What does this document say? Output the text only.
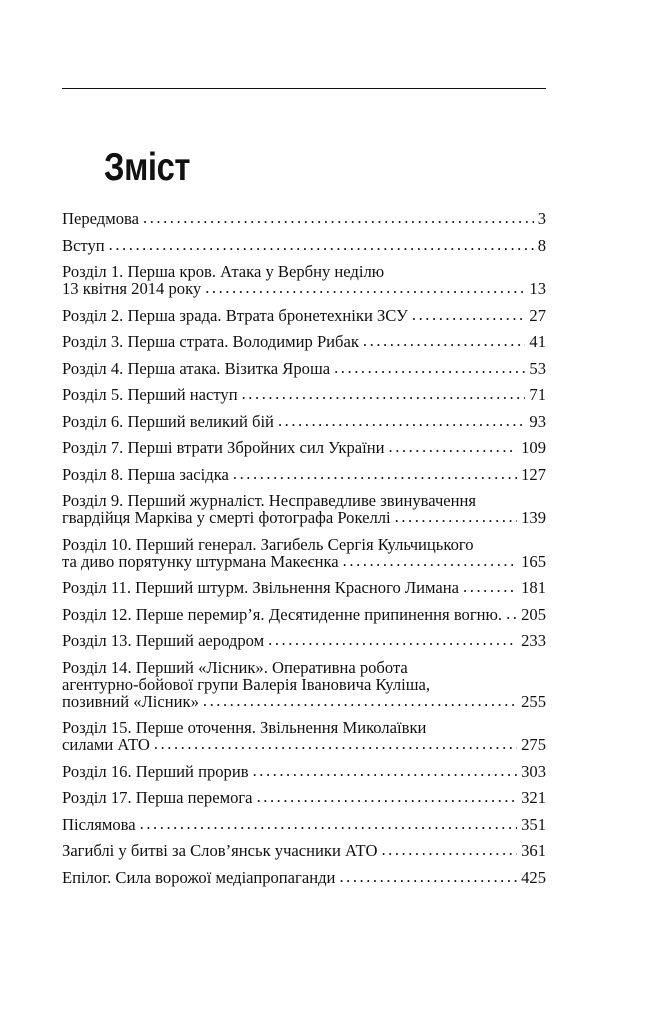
Зміст
Передмова . . .	3
Вступ . . .	8
Розділ 1. Перша кров. Атака у Вербну неділю
13 квітня 2014 року . . .	13
Розділ 2. Перша зрада. Втрата бронетехніки ЗСУ . . .	27
Розділ 3. Перша страта. Володимир Рибак . . .	41
Розділ 4. Перша атака. Візитка Яроша . . .	53
Розділ 5. Перший наступ . . .	71
Розділ 6. Перший великий бій . . .	93
Розділ 7. Перші втрати Збройних сил України . . .	109
Розділ 8. Перша засідка . . .	127
Розділ 9. Перший журналіст. Несправедливе звинувачення
гвардійця Марківа у смерті фотографа Рокеллі . . .	139
Розділ 10. Перший генерал. Загибель Сергія Кульчицького
та диво порятунку штурмана Макеєнка . . .	165
Розділ 11. Перший штурм. Звільнення Красного Лимана . . .	181
Розділ 12. Перше перемир’я. Десятиденне припинення вогню. . . . 205
Розділ 13. Перший аеродром . . .	233
Розділ 14. Перший «Лісник». Оперативна робота
агентурно-бойової групи Валерія Івановича Куліша,
позивний «Лісник» . . .	255
Розділ 15. Перше оточення. Звільнення Миколаївки
силами АТО . . .	275
Розділ 16. Перший прорив . . .	303
Розділ 17. Перша перемога . . .	321
Післямова . . .	351
Загиблі у битві за Слов’янськ учасники АТО . . .	361
Епілог. Сила ворожої медіапропаганди . . .	425
